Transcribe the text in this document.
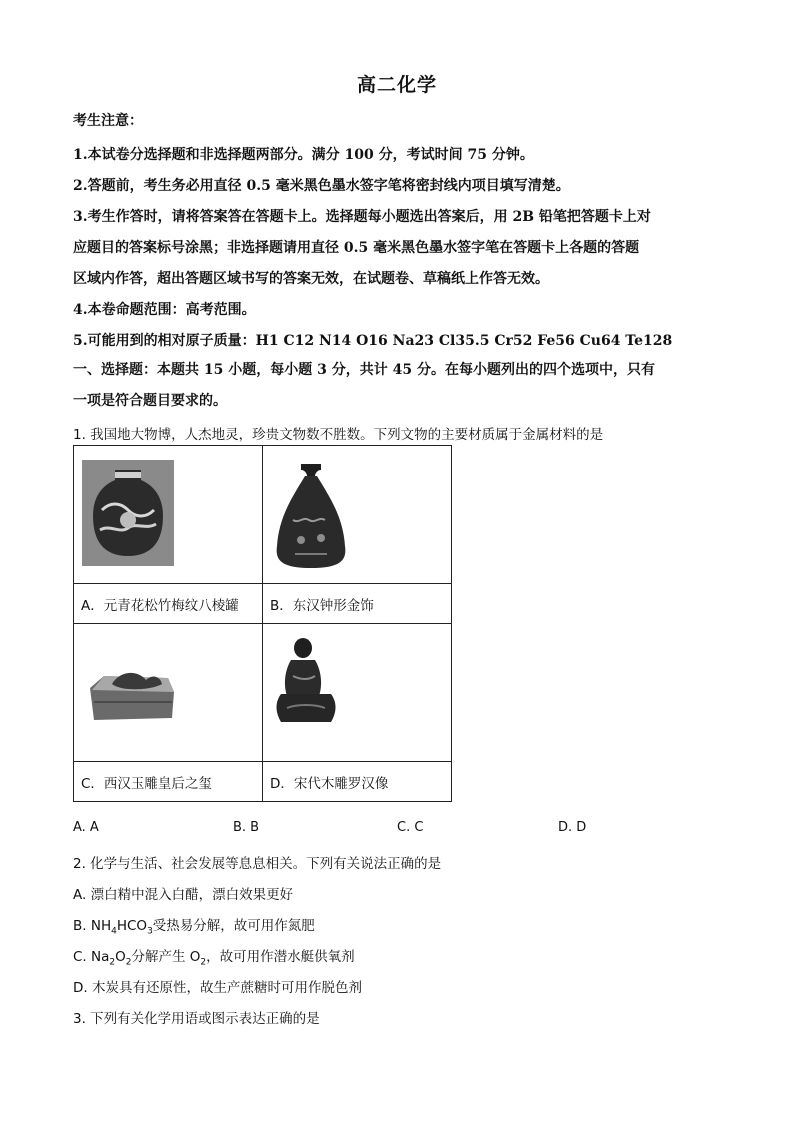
高二化学
考生注意：

1.本试卷分选择题和非选择题两部分。满分 100 分，考试时间 75 分钟。

2.答题前，考生务必用直径 0.5 毫米黑色墨水签字笔将密封线内项目填写清楚。

3.考生作答时，请将答案答在答题卡上。选择题每小题选出答案后，用 2B 铅笔把答题卡上对

应题目的答案标号涂黑；非选择题请用直径 0.5 毫米黑色墨水签字笔在答题卡上各题的答题

区域内作答，超出答题区域书写的答案无效，在试题卷、草稿纸上作答无效。

4.本卷命题范围：高考范围。

5.可能用到的相对原子质量：H1 C12 N14 O16 Na23 Cl35.5 Cr52 Fe56 Cu64 Te128

一、选择题：本题共 15 小题，每小题 3 分，共计 45 分。在每小题列出的四个选项中，只有
一项是符合题目要求的。
1. 我国地大物博，人杰地灵，珍贵文物数不胜数。下列文物的主要材质属于金属材料的是

A．元青花松竹梅纹八棱罐	B．东汉钟形金饰

C．西汉玉雕皇后之玺	D．宋代木雕罗汉像
A. A	B. B	C. C	D. D
2. 化学与生活、社会发展等息息相关。下列有关说法正确的是
A. 漂白精中混入白醋，漂白效果更好
B. $NH_4HCO_3$受热易分解，故可用作氮肥
C. $Na_2O_2$分解产生 $O_2$，故可用作潜水艇供氧剂
D. 木炭具有还原性，故生产蔗糖时可用作脱色剂
3. 下列有关化学用语或图示表达正确的是
